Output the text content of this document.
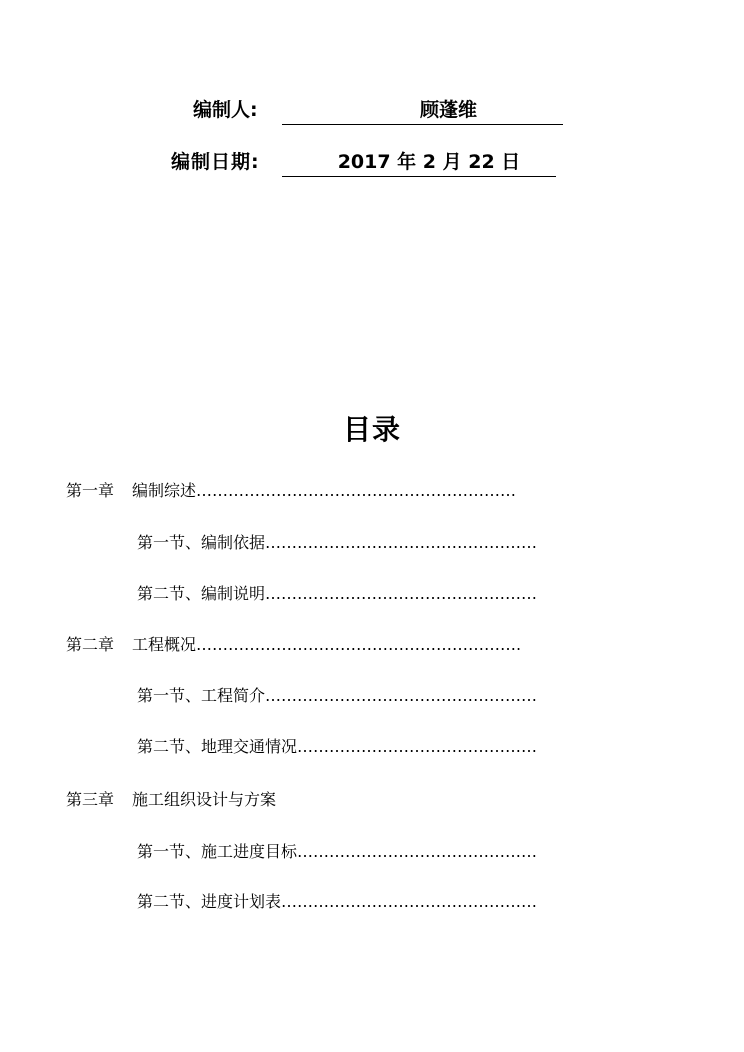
编制人:	顾蓬维
编制日期:	2017 年 2 月 22 日
目录
第一章 编制综述……………………………………………………
第一节、编制依据……………………………………………
第二节、编制说明……………………………………………
第二章 工程概况…………………………………………………….
第一节、工程简介……………………………………………
第二节、地理交通情况………………………………………
第三章 施工组织设计与方案
第一节、施工进度目标………………………………………
第二节、进度计划表…………………………………………
